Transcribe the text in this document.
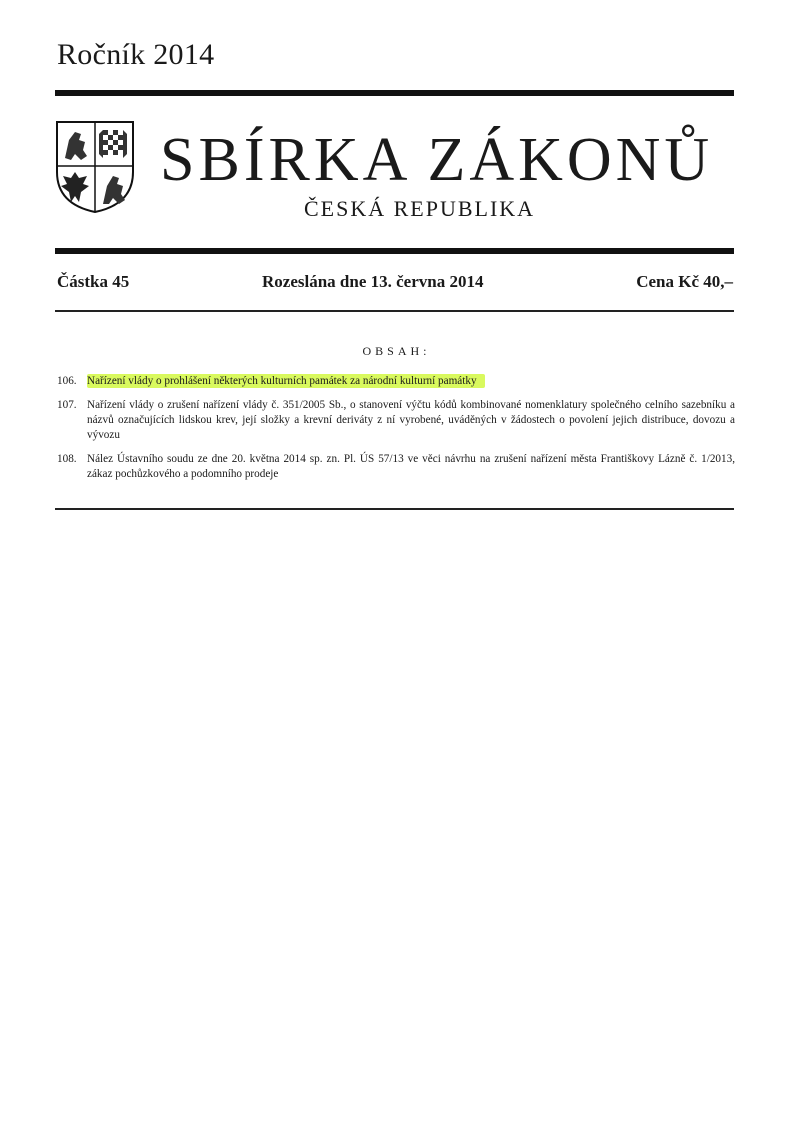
Ročník 2014
SBÍRKA ZÁKONŮ
ČESKÁ REPUBLIKA
Částka 45	Rozeslána dne 13. června 2014	Cena Kč 40,–
OBSAH:
106. Nařízení vlády o prohlášení některých kulturních památek za národní kulturní památky
107. Nařízení vlády o zrušení nařízení vlády č. 351/2005 Sb., o stanovení výčtu kódů kombinované nomenklatury společného celního sazebníku a názvů označujících lidskou krev, její složky a krevní deriváty z ní vyrobené, uváděných v žádostech o povolení jejich distribuce, dovozu a vývozu
108. Nález Ústavního soudu ze dne 20. května 2014 sp. zn. Pl. ÚS 57/13 ve věci návrhu na zrušení nařízení města Františkovy Lázně č. 1/2013, zákaz pochůzkového a podomního prodeje
